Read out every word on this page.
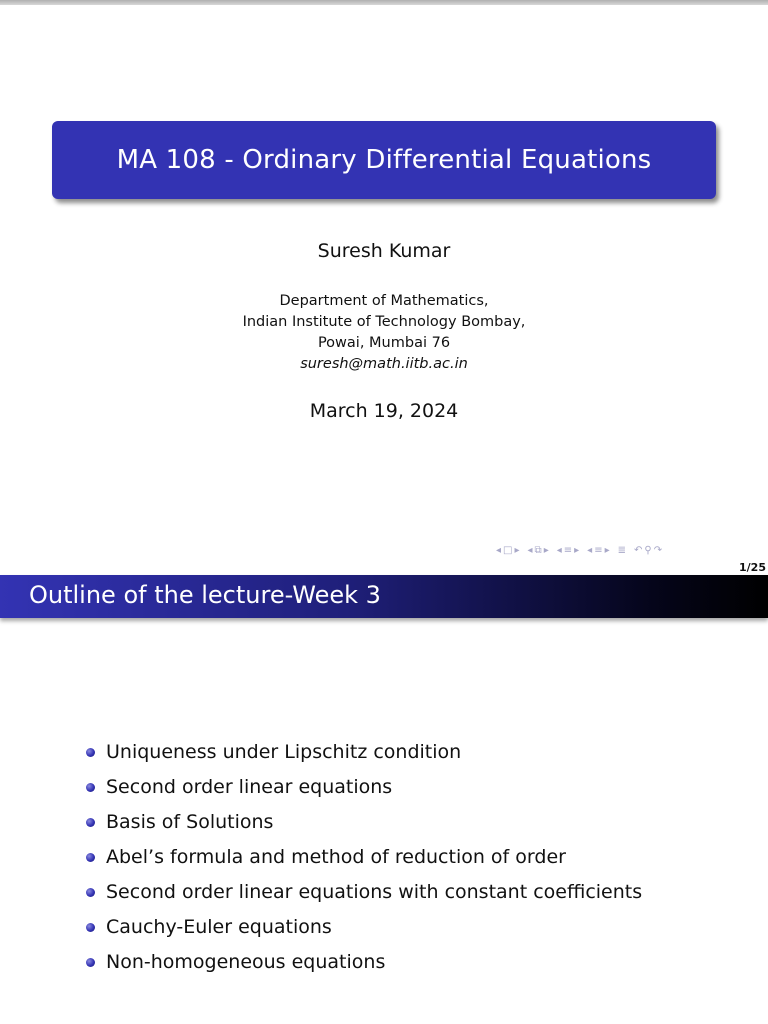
MA 108 - Ordinary Differential Equations
Suresh Kumar
Department of Mathematics,
Indian Institute of Technology Bombay,
Powai, Mumbai 76
suresh@math.iitb.ac.in
March 19, 2024
◂ □ ▸ ◂ ⧉ ▸ ◂ ≡ ▸ ◂ ≡ ▸ ≣ ↶ ⚲ ↷
1/25
Outline of the lecture-Week 3
Uniqueness under Lipschitz condition
Second order linear equations
Basis of Solutions
Abel’s formula and method of reduction of order
Second order linear equations with constant coefficients
Cauchy-Euler equations
Non-homogeneous equations
